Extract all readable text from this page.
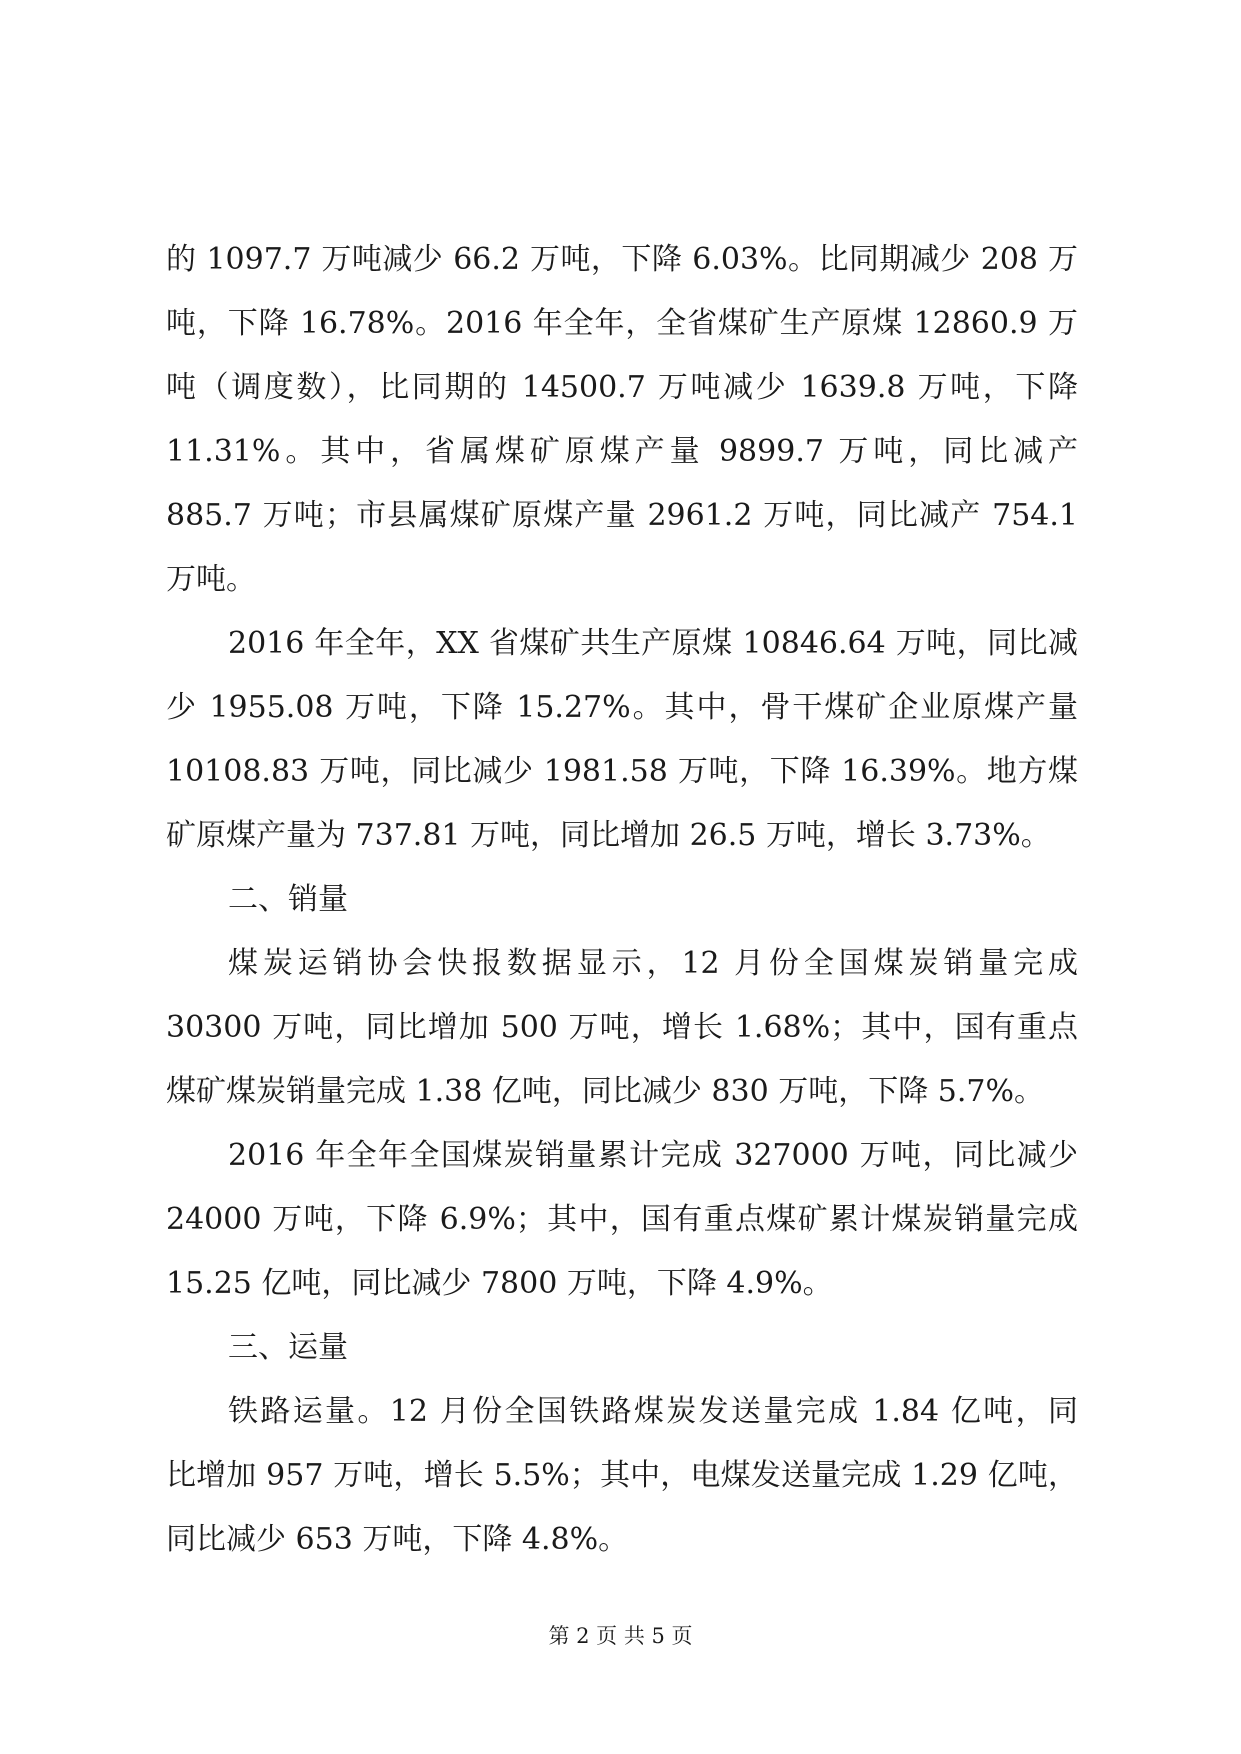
的 1097.7 万吨减少 66.2 万吨，下降 6.03%。比同期减少 208 万
吨，下降 16.78%。2016 年全年，全省煤矿生产原煤 12860.9 万
吨（调度数），比同期的 14500.7 万吨减少 1639.8 万吨，下降
11.31%。其中，省属煤矿原煤产量 9899.7 万吨，同比减产
885.7 万吨；市县属煤矿原煤产量 2961.2 万吨，同比减产 754.1
万吨。
2016 年全年，XX 省煤矿共生产原煤 10846.64 万吨，同比减
少 1955.08 万吨，下降 15.27%。其中，骨干煤矿企业原煤产量
10108.83 万吨，同比减少 1981.58 万吨，下降 16.39%。地方煤
矿原煤产量为 737.81 万吨，同比增加 26.5 万吨，增长 3.73%。
二、销量
煤炭运销协会快报数据显示，12 月份全国煤炭销量完成
30300 万吨，同比增加 500 万吨，增长 1.68%；其中，国有重点
煤矿煤炭销量完成 1.38 亿吨，同比减少 830 万吨，下降 5.7%。
2016 年全年全国煤炭销量累计完成 327000 万吨，同比减少
24000 万吨，下降 6.9%；其中，国有重点煤矿累计煤炭销量完成
15.25 亿吨，同比减少 7800 万吨，下降 4.9%。
三、运量
铁路运量。12 月份全国铁路煤炭发送量完成 1.84 亿吨，同
比增加 957 万吨，增长 5.5%；其中，电煤发送量完成 1.29 亿吨，
同比减少 653 万吨，下降 4.8%。
第 2 页 共 5 页
